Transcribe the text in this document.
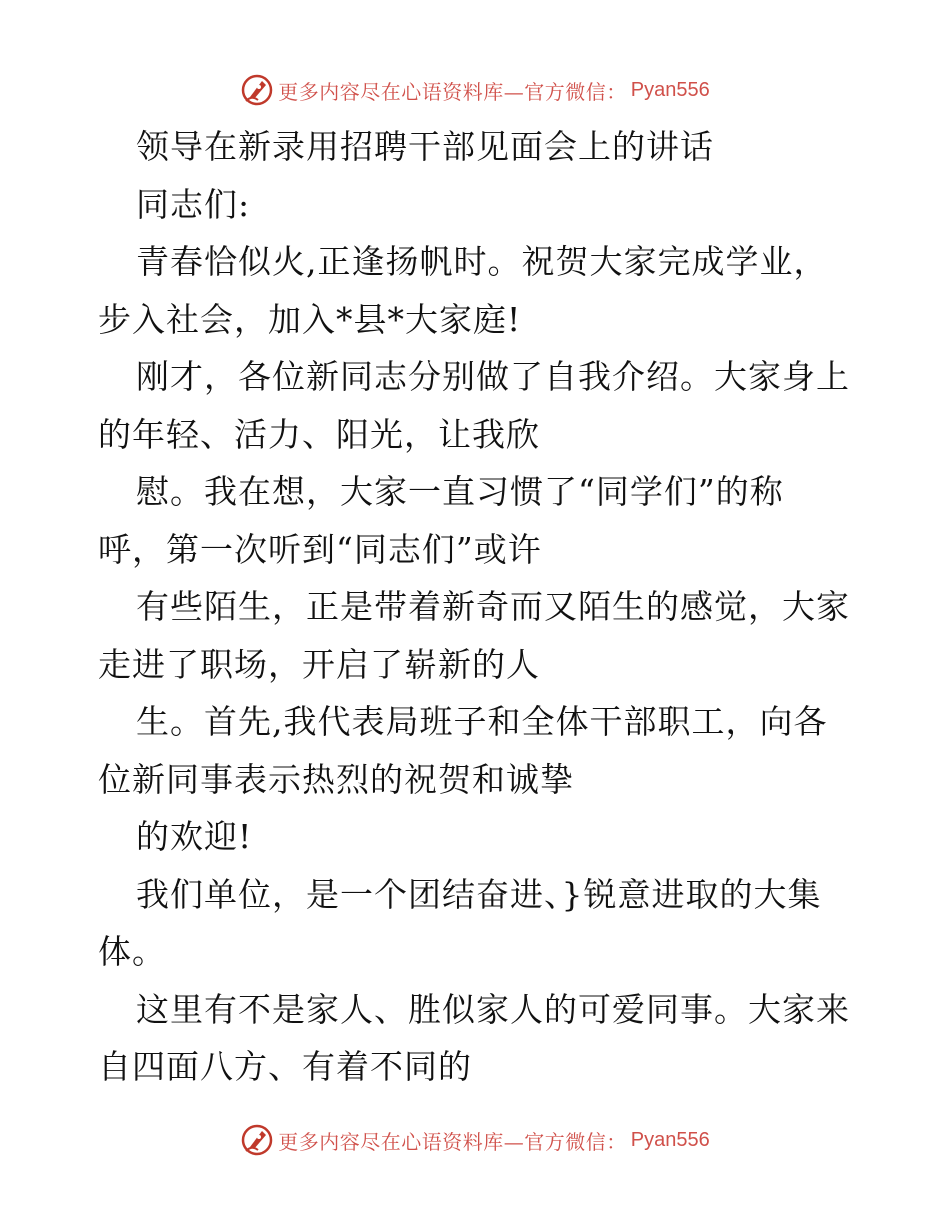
更多内容尽在心语资料库—官方微信： Pyan556
领导在新录用招聘干部见面会上的讲话
同志们:
青春恰似火,正逢扬帆时。祝贺大家完成学业，
步入社会，加入*县*大家庭!
刚才，各位新同志分别做了自我介绍。大家身上
的年轻、活力、阳光，让我欣
慰。我在想，大家一直习惯了“同学们”的称
呼，第一次听到“同志们”或许
有些陌生，正是带着新奇而又陌生的感觉，大家
走进了职场，开启了崭新的人
生。首先,我代表局班子和全体干部职工，向各
位新同事表示热烈的祝贺和诚挚
的欢迎!
我们单位，是一个团结奋进、}锐意进取的大集
体。
这里有不是家人、胜似家人的可爱同事。大家来
自四面八方、有着不同的
更多内容尽在心语资料库—官方微信： Pyan556
